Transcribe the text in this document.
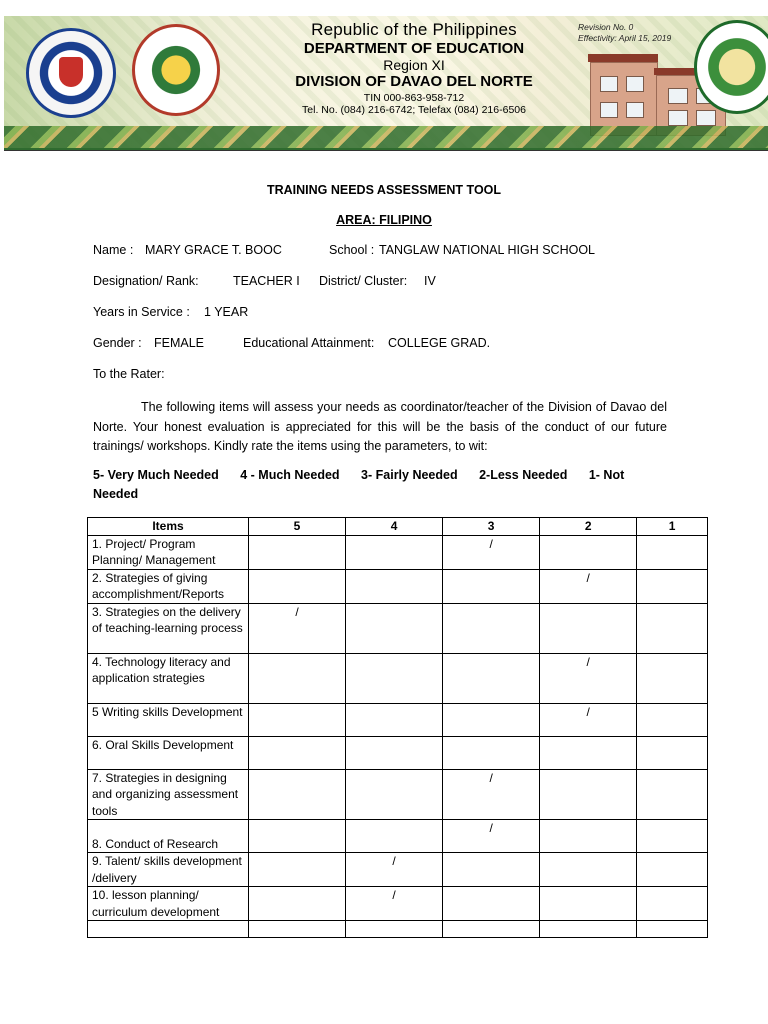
Republic of the Philippines
DEPARTMENT OF EDUCATION
Region XI
DIVISION OF DAVAO DEL NORTE
TIN 000-863-958-712
Tel. No. (084) 216-6742; Telefax (084) 216-6506
Revision No. 0
Effectivity: April 15, 2019
TRAINING NEEDS ASSESSMENT TOOL
AREA: FILIPINO
Name : MARY GRACE T. BOOC	School : TANGLAW NATIONAL HIGH SCHOOL
Designation/ Rank:	TEACHER I District/ Cluster: IV
Years in Service : 1 YEAR
Gender : FEMALE	Educational Attainment: COLLEGE GRAD.
To the Rater:
The following items will assess your needs as coordinator/teacher of the Division of Davao del Norte. Your honest evaluation is appreciated for this will be the basis of the conduct of our future trainings/ workshops. Kindly rate the items using the parameters, to wit:
5- Very Much Needed 4 - Much Needed 3- Fairly Needed 2-Less Needed 1- Not Needed
Items	5	4	3	2	1
1. Project/ Program Planning/ Management			/		
2. Strategies of giving accomplishment/Reports				/	
3. Strategies on the delivery of teaching-learning process	/				
4. Technology literacy and application strategies				/	
5 Writing skills Development				/	
6. Oral Skills Development					
7. Strategies in designing and organizing assessment tools			/		
8. Conduct of Research			/		
9. Talent/ skills development /delivery		/			
10. lesson planning/ curriculum development		/			
